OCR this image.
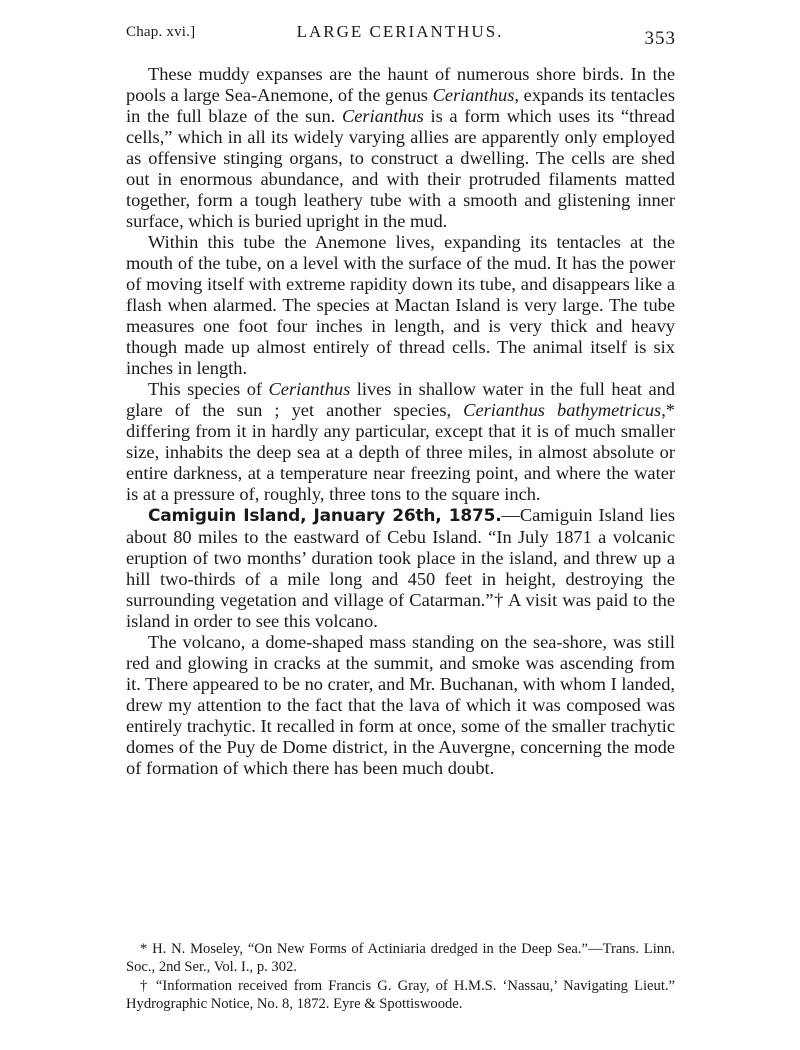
Chap. xvi.]	LARGE CERIANTHUS.	353

These muddy expanses are the haunt of numerous shore birds. In the pools a large Sea-Anemone, of the genus Cerianthus, expands its tentacles in the full blaze of the sun. Cerianthus is a form which uses its “thread cells,” which in all its widely varying allies are apparently only employed as offensive stinging organs, to construct a dwelling. The cells are shed out in enormous abundance, and with their protruded filaments matted together, form a tough leathery tube with a smooth and glistening inner surface, which is buried upright in the mud.

Within this tube the Anemone lives, expanding its tentacles at the mouth of the tube, on a level with the surface of the mud. It has the power of moving itself with extreme rapidity down its tube, and disappears like a flash when alarmed. The species at Mactan Island is very large. The tube measures one foot four inches in length, and is very thick and heavy though made up almost entirely of thread cells. The animal itself is six inches in length.

This species of Cerianthus lives in shallow water in the full heat and glare of the sun ; yet another species, Cerianthus bathymetricus,* differing from it in hardly any particular, except that it is of much smaller size, inhabits the deep sea at a depth of three miles, in almost absolute or entire darkness, at a temperature near freezing point, and where the water is at a pressure of, roughly, three tons to the square inch.

Camiguin Island, January 26th, 1875.—Camiguin Island lies about 80 miles to the eastward of Cebu Island. “In July 1871 a volcanic eruption of two months’ duration took place in the island, and threw up a hill two-thirds of a mile long and 450 feet in height, destroying the surrounding vegetation and village of Catarman.”† A visit was paid to the island in order to see this volcano.

The volcano, a dome-shaped mass standing on the sea-shore, was still red and glowing in cracks at the summit, and smoke was ascending from it. There appeared to be no crater, and Mr. Buchanan, with whom I landed, drew my attention to the fact that the lava of which it was composed was entirely trachytic. It recalled in form at once, some of the smaller trachytic domes of the Puy de Dome district, in the Auvergne, concerning the mode of formation of which there has been much doubt.

* H. N. Moseley, “On New Forms of Actiniaria dredged in the Deep Sea.”—Trans. Linn. Soc., 2nd Ser., Vol. I., p. 302.

† “Information received from Francis G. Gray, of H.M.S. ‘Nassau,’ Navigating Lieut.” Hydrographic Notice, No. 8, 1872. Eyre & Spottiswoode.
